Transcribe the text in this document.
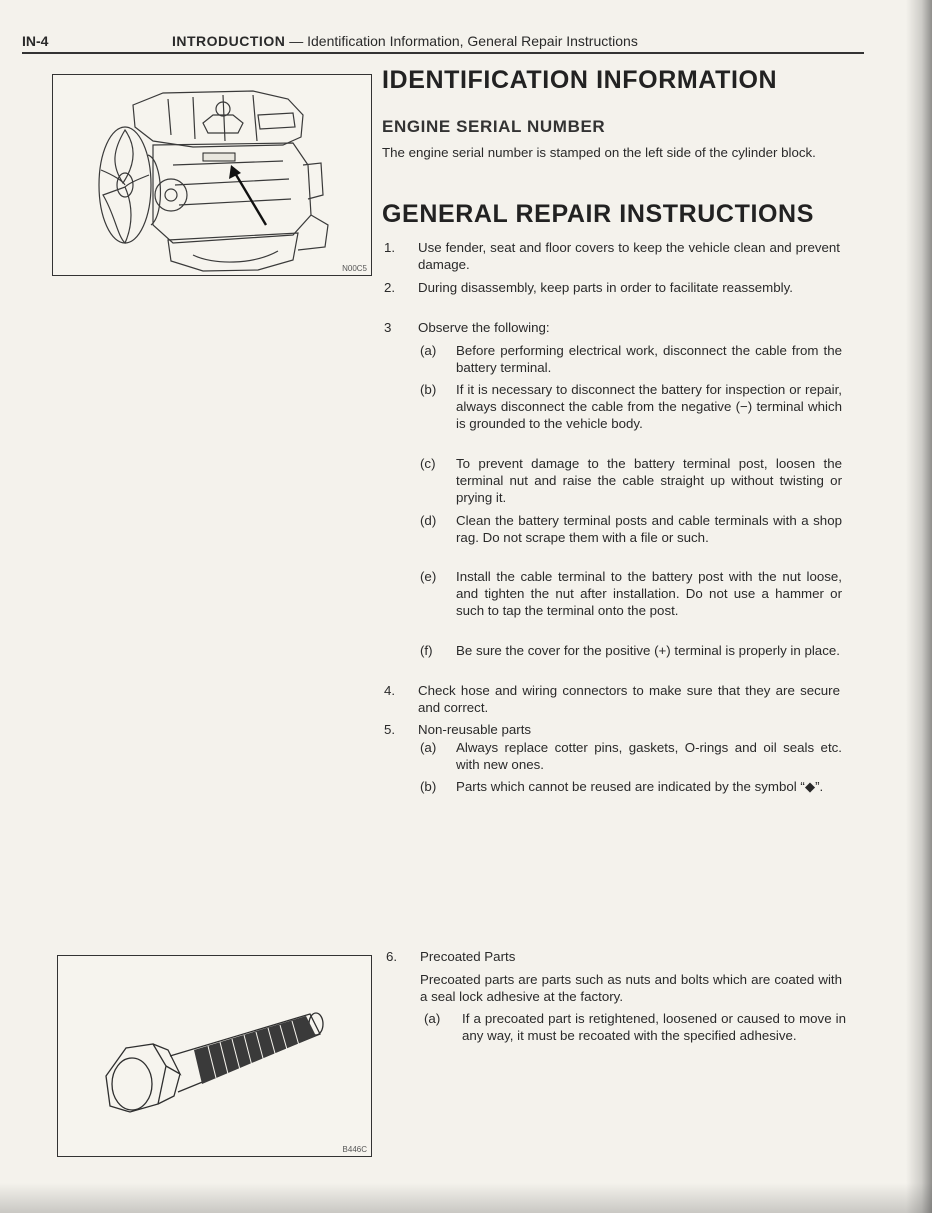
IN-4	INTRODUCTION — Identification Information, General Repair Instructions
N00C5
IDENTIFICATION INFORMATION
ENGINE SERIAL NUMBER

The engine serial number is stamped on the left side of the cylinder block.

GENERAL REPAIR INSTRUCTIONS
1. Use fender, seat and floor covers to keep the vehicle clean and prevent damage.
2. During disassembly, keep parts in order to facilitate reassembly.
3 Observe the following:
(a) Before performing electrical work, disconnect the cable from the battery terminal.
(b) If it is necessary to disconnect the battery for inspection or repair, always disconnect the cable from the negative (−) terminal which is grounded to the vehicle body.
(c) To prevent damage to the battery terminal post, loosen the terminal nut and raise the cable straight up without twisting or prying it.
(d) Clean the battery terminal posts and cable terminals with a shop rag. Do not scrape them with a file or such.
(e) Install the cable terminal to the battery post with the nut loose, and tighten the nut after installation. Do not use a hammer or such to tap the terminal onto the post.
(f) Be sure the cover for the positive (+) terminal is properly in place.
4. Check hose and wiring connectors to make sure that they are secure and correct.
5. Non-reusable parts
(a) Always replace cotter pins, gaskets, O-rings and oil seals etc. with new ones.
(b) Parts which cannot be reused are indicated by the symbol “◆”.
B446C
6. Precoated Parts
Precoated parts are parts such as nuts and bolts which are coated with a seal lock adhesive at the factory.
(a) If a precoated part is retightened, loosened or caused to move in any way, it must be recoated with the specified adhesive.
